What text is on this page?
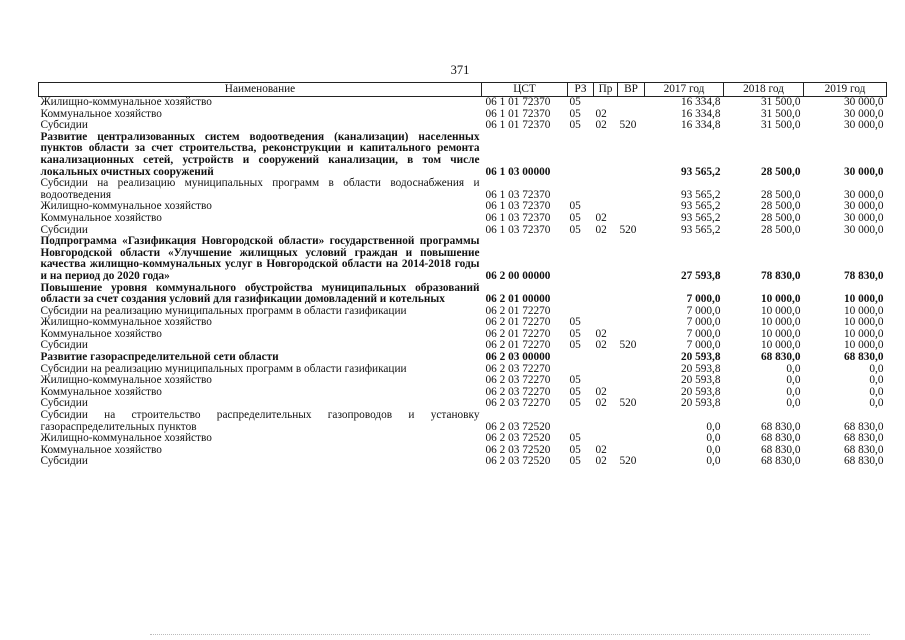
371
Наименование	ЦСТ	РЗ	Пр	ВР	2017 год	2018 год	2019 год
Жилищно-коммунальное хозяйство	06 1 01 72370	05			16 334,8	31 500,0	30 000,0
Коммунальное хозяйство	06 1 01 72370	05	02		16 334,8	31 500,0	30 000,0
Субсидии	06 1 01 72370	05	02	520	16 334,8	31 500,0	30 000,0
Развитие централизованных систем водоотведения (канализации) населенных пунктов области за счет строительства, реконструкции и капитального ремонта канализационных сетей, устройств и сооружений канализации, в том числе локальных очистных сооружений	06 1 03 00000				93 565,2	28 500,0	30 000,0
Субсидии на реализацию муниципальных программ в области водоснабжения и водоотведения	06 1 03 72370				93 565,2	28 500,0	30 000,0
Жилищно-коммунальное хозяйство	06 1 03 72370	05			93 565,2	28 500,0	30 000,0
Коммунальное хозяйство	06 1 03 72370	05	02		93 565,2	28 500,0	30 000,0
Субсидии	06 1 03 72370	05	02	520	93 565,2	28 500,0	30 000,0
Подпрограмма «Газификация Новгородской области» государственной программы Новгородской области «Улучшение жилищных условий граждан и повышение качества жилищно-коммунальных услуг в Новгородской области на 2014-2018 годы и на период до 2020 года»	06 2 00 00000				27 593,8	78 830,0	78 830,0
Повышение уровня коммунального обустройства муниципальных образований области за счет создания условий для газификации домовладений и котельных	06 2 01 00000				7 000,0	10 000,0	10 000,0
Субсидии на реализацию муниципальных программ в области газификации	06 2 01 72270				7 000,0	10 000,0	10 000,0
Жилищно-коммунальное хозяйство	06 2 01 72270	05			7 000,0	10 000,0	10 000,0
Коммунальное хозяйство	06 2 01 72270	05	02		7 000,0	10 000,0	10 000,0
Субсидии	06 2 01 72270	05	02	520	7 000,0	10 000,0	10 000,0
Развитие газораспределительной сети области	06 2 03 00000				20 593,8	68 830,0	68 830,0
Субсидии на реализацию муниципальных программ в области газификации	06 2 03 72270				20 593,8	0,0	0,0
Жилищно-коммунальное хозяйство	06 2 03 72270	05			20 593,8	0,0	0,0
Коммунальное хозяйство	06 2 03 72270	05	02		20 593,8	0,0	0,0
Субсидии	06 2 03 72270	05	02	520	20 593,8	0,0	0,0
Субсидии на строительство распределительных газопроводов и установку газораспределительных пунктов	06 2 03 72520				0,0	68 830,0	68 830,0
Жилищно-коммунальное хозяйство	06 2 03 72520	05			0,0	68 830,0	68 830,0
Коммунальное хозяйство	06 2 03 72520	05	02		0,0	68 830,0	68 830,0
Субсидии	06 2 03 72520	05	02	520	0,0	68 830,0	68 830,0
